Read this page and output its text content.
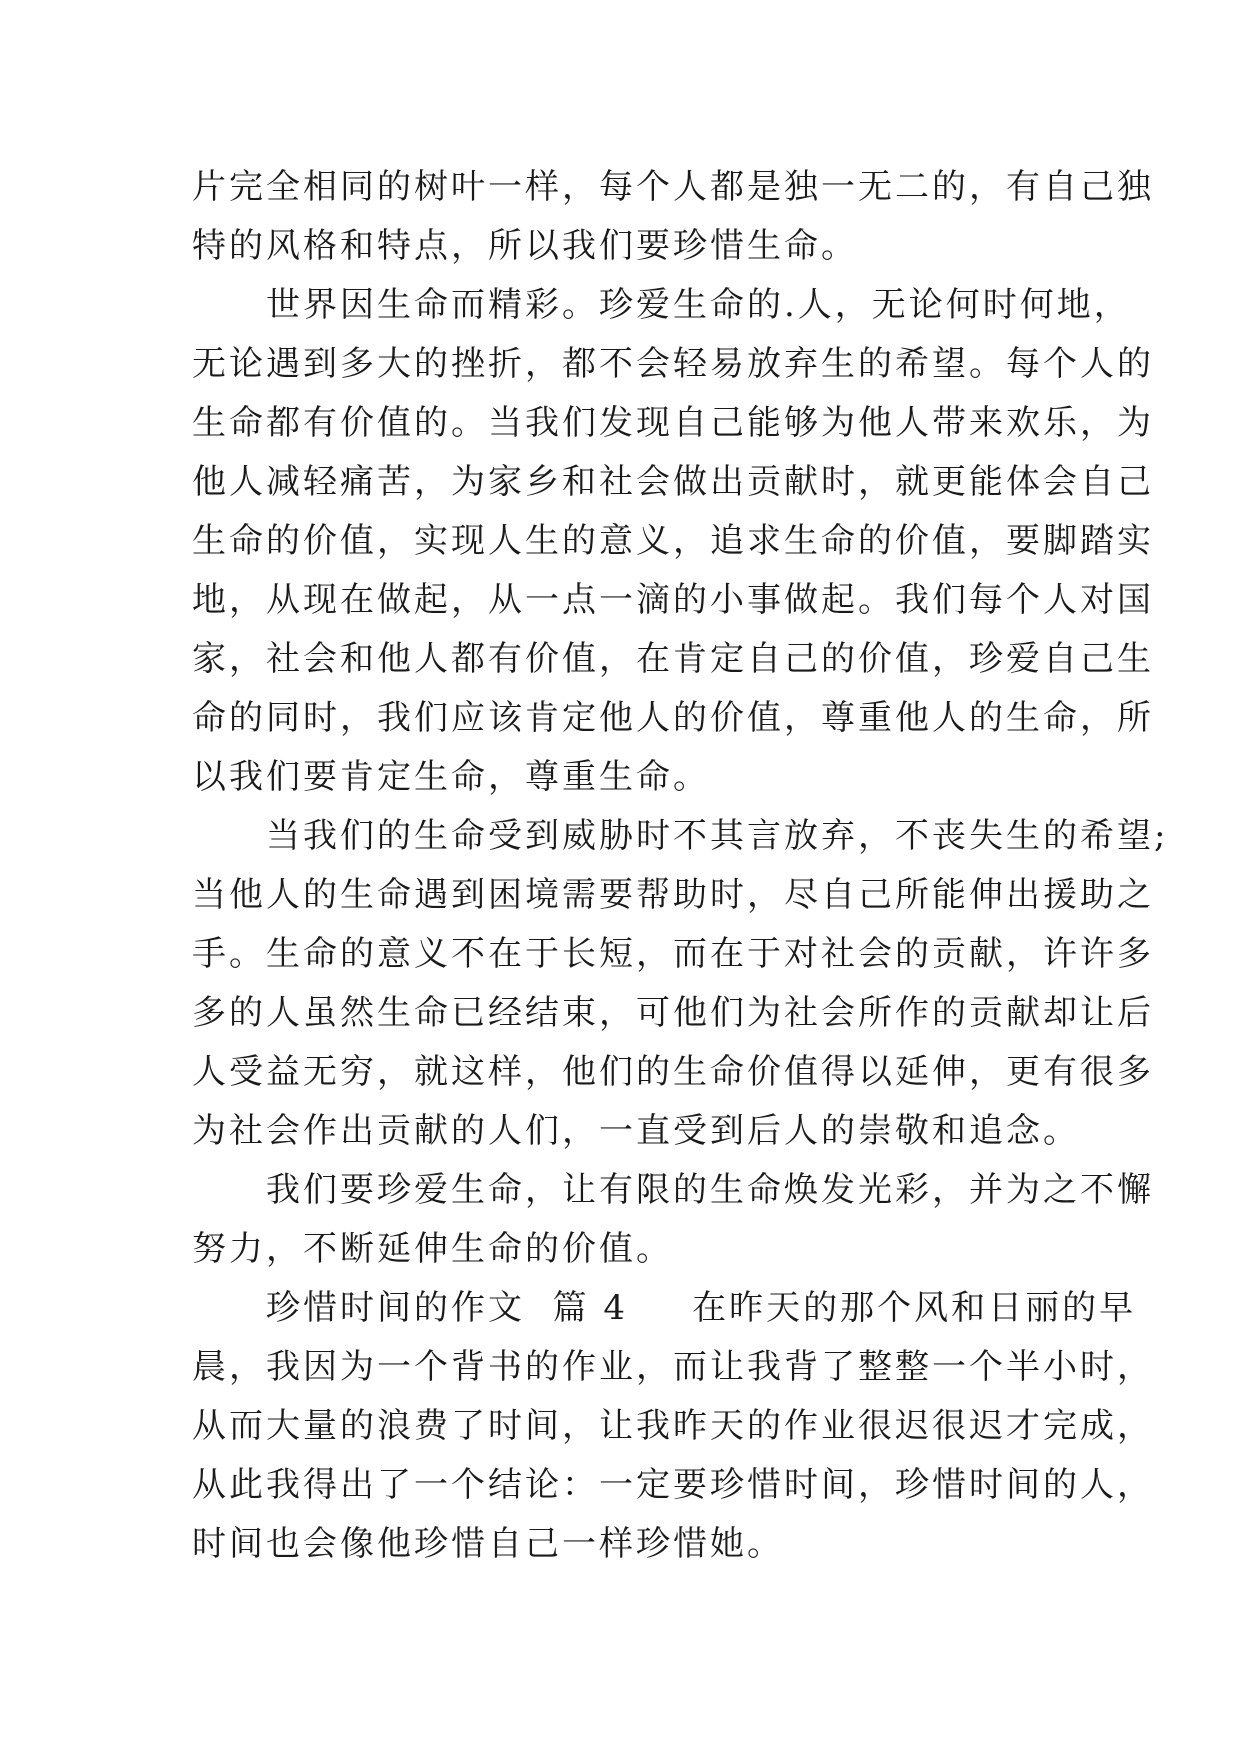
片完全相同的树叶一样，每个人都是独一无二的，有自己独
特的风格和特点，所以我们要珍惜生命。
　　世界因生命而精彩。珍爱生命的.人，无论何时何地，
无论遇到多大的挫折，都不会轻易放弃生的希望。每个人的
生命都有价值的。当我们发现自己能够为他人带来欢乐，为
他人减轻痛苦，为家乡和社会做出贡献时，就更能体会自己
生命的价值，实现人生的意义，追求生命的价值，要脚踏实
地，从现在做起，从一点一滴的小事做起。我们每个人对国
家，社会和他人都有价值，在肯定自己的价值，珍爱自己生
命的同时，我们应该肯定他人的价值，尊重他人的生命，所
以我们要肯定生命，尊重生命。
　　当我们的生命受到威胁时不其言放弃，不丧失生的希望;
当他人的生命遇到困境需要帮助时，尽自己所能伸出援助之
手。生命的意义不在于长短，而在于对社会的贡献，许许多
多的人虽然生命已经结束，可他们为社会所作的贡献却让后
人受益无穷，就这样，他们的生命价值得以延伸，更有很多
为社会作出贡献的人们，一直受到后人的崇敬和追念。
　　我们要珍爱生命，让有限的生命焕发光彩，并为之不懈
努力，不断延伸生命的价值。
　　珍惜时间的作文 篇 4 在昨天的那个风和日丽的早
晨，我因为一个背书的作业，而让我背了整整一个半小时，
从而大量的浪费了时间，让我昨天的作业很迟很迟才完成，
从此我得出了一个结论：一定要珍惜时间，珍惜时间的人，
时间也会像他珍惜自己一样珍惜她。
